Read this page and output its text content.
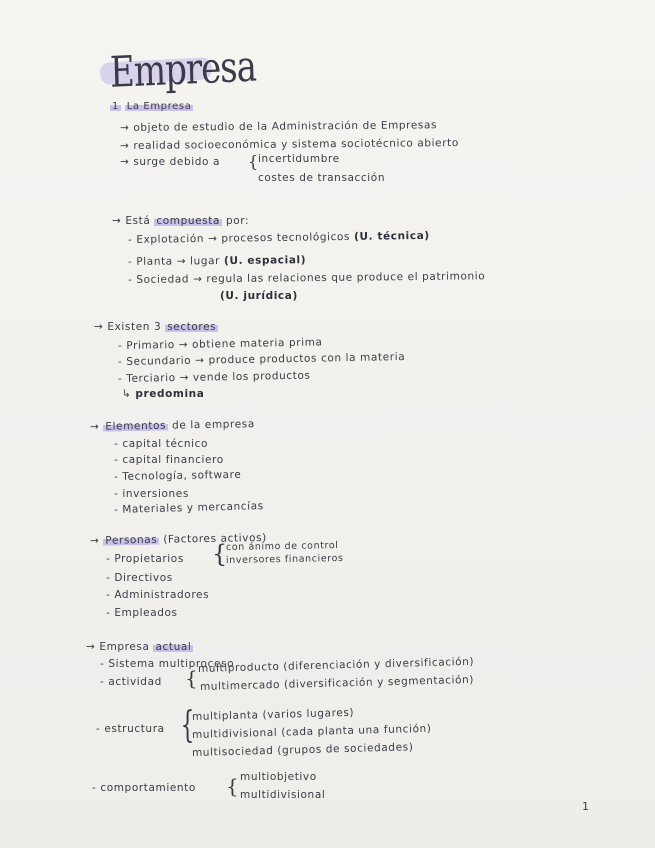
Empresa
1 La Empresa
→ objeto de estudio de la Administración de Empresas
→ realidad socioeconómica y sistema sociotécnico abierto
→ surge debido a { incertidumbre
costes de transacción
→ Está compuesta por:
- Explotación → procesos tecnológicos (U. técnica)
- Planta → lugar (U. espacial)
- Sociedad → regula las relaciones que produce el patrimonio
(U. jurídica)
→ Existen 3 sectores
- Primario → obtiene materia prima
- Secundario → produce productos con la materia
- Terciario → vende los productos
↳ predomina
→ Elementos de la empresa
- capital técnico
- capital financiero
- Tecnología, software
- inversiones
- Materiales y mercancías
→ Personas (Factores activos)
- Propietarios {
con ánimo de control
inversores financieros
- Directivos
- Administradores
- Empleados
→ Empresa actual
- Sistema multiproceso
- actividad {
multiproducto (diferenciación y diversificación)
multimercado (diversificación y segmentación)
- estructura {
multiplanta (varios lugares)
multidivisional (cada planta una función)
multisociedad (grupos de sociedades)
- comportamiento { multiobjetivo
multidivisional
1
